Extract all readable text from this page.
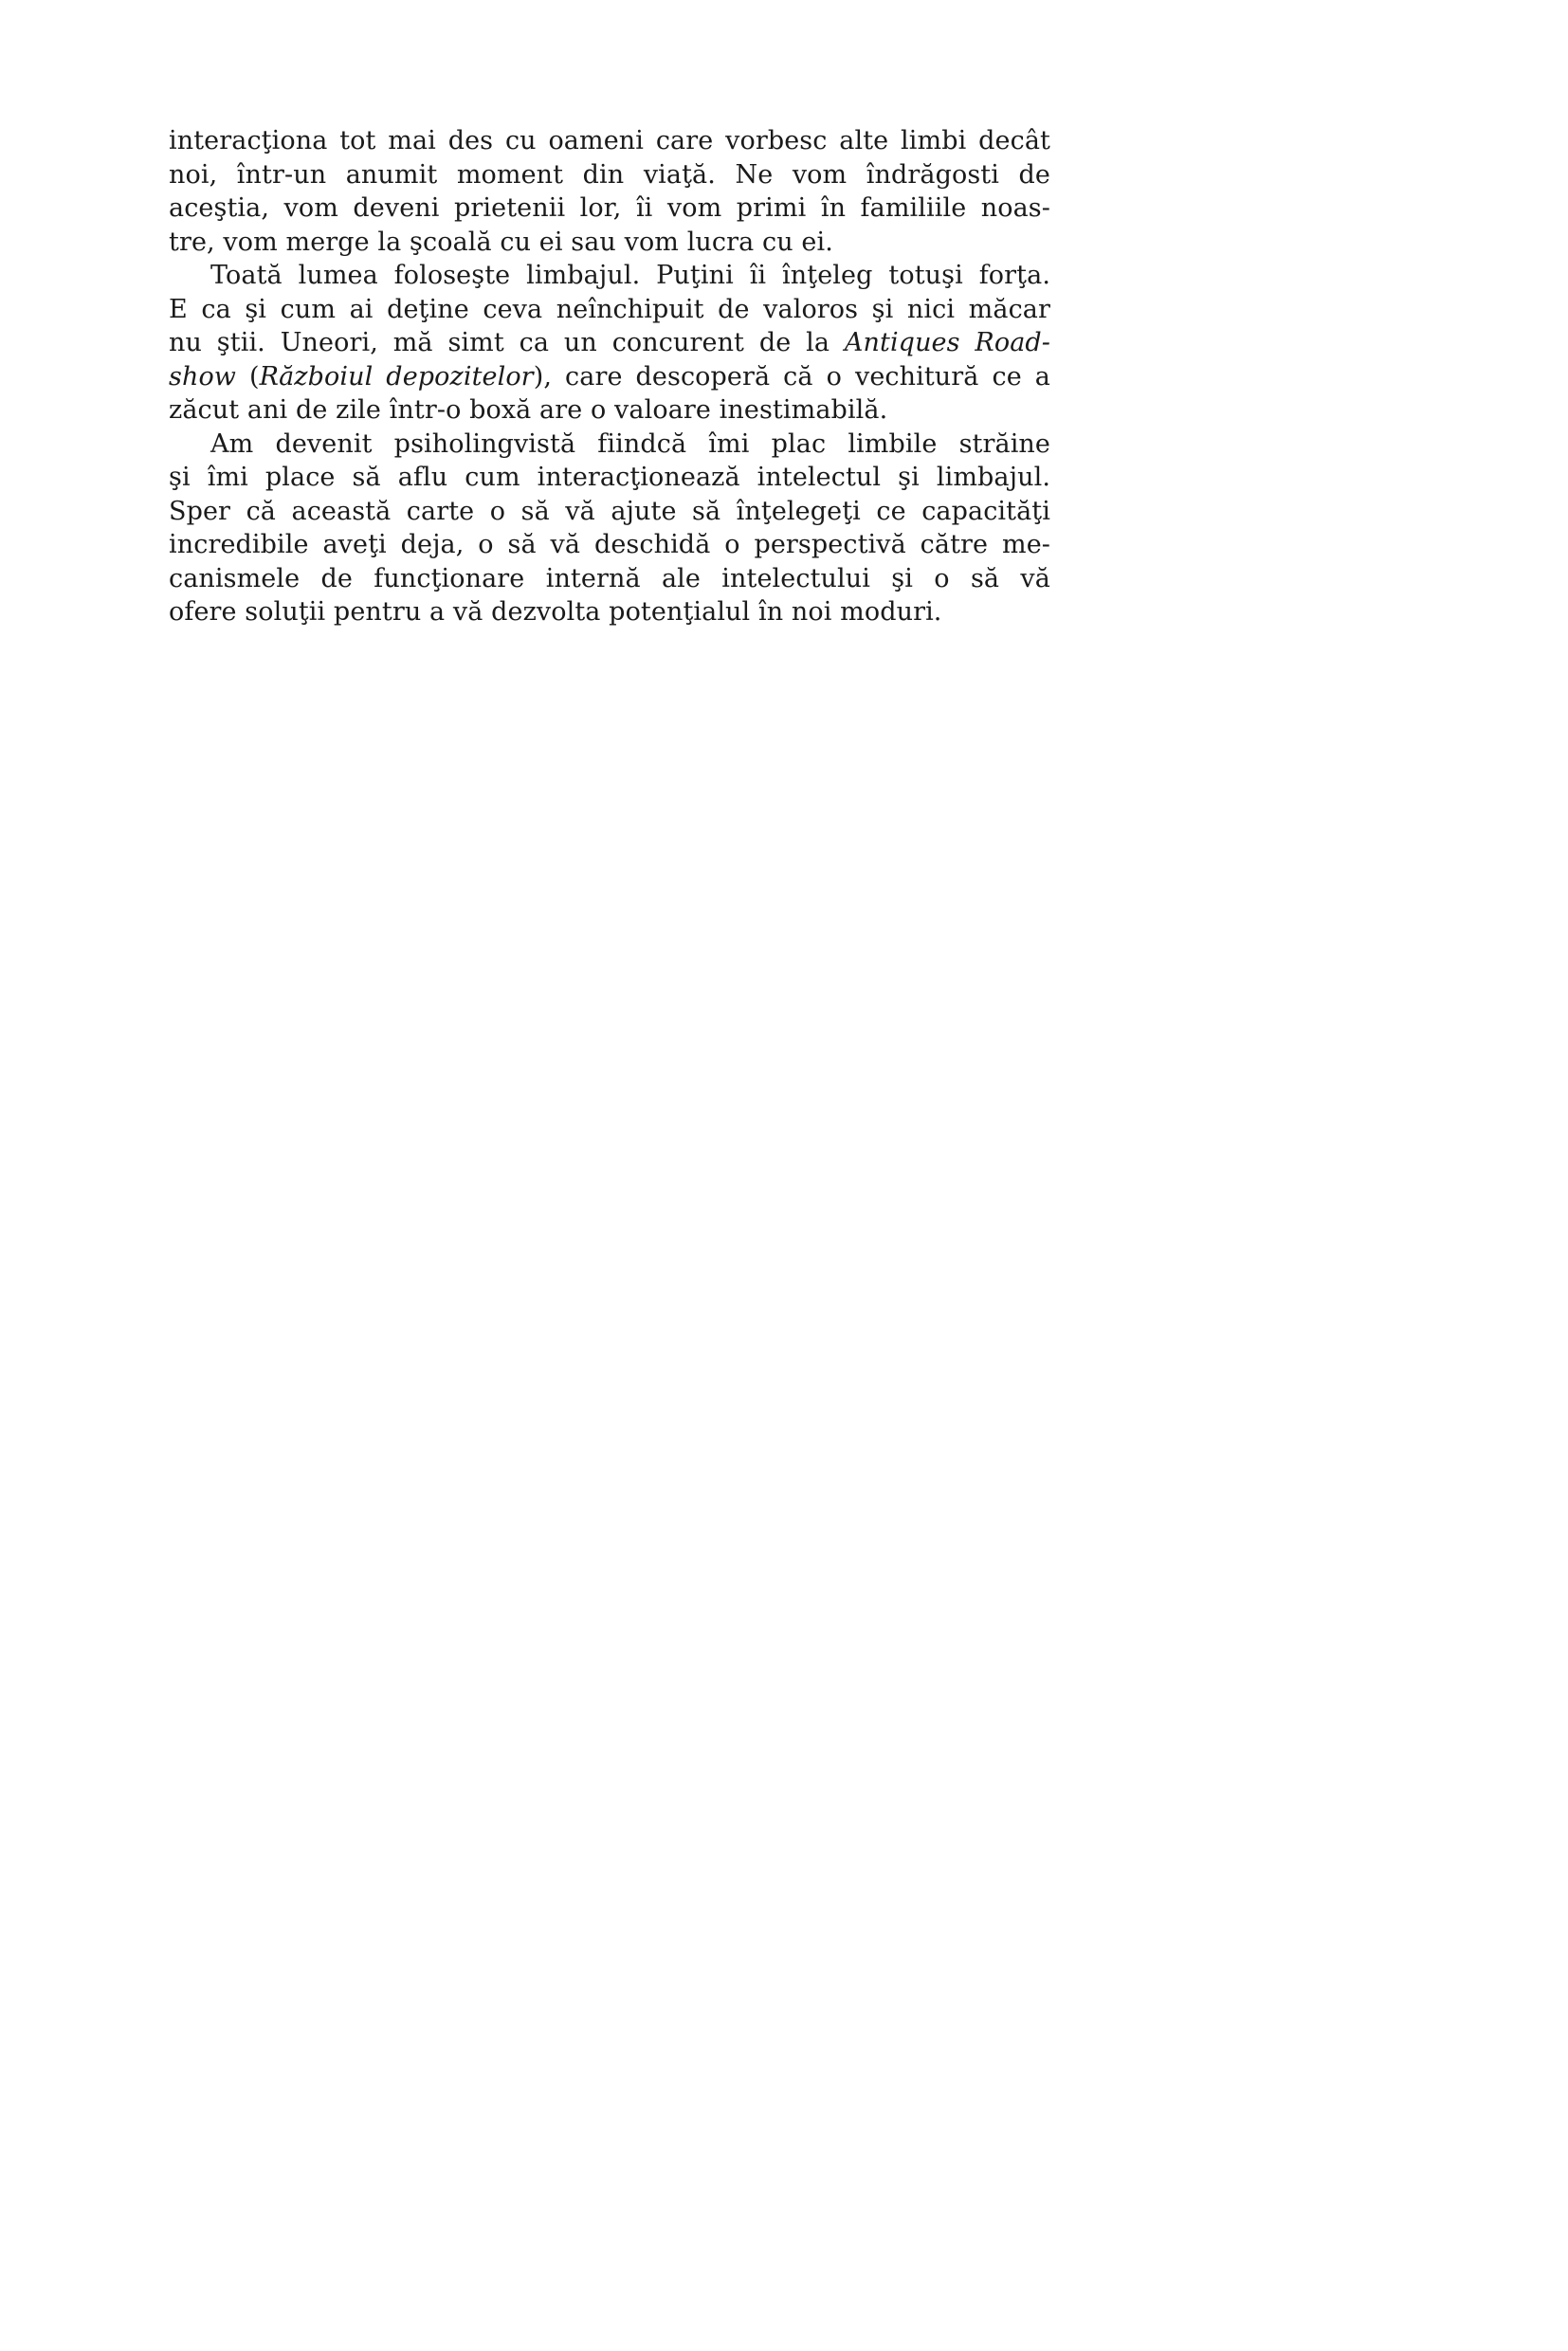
interacţiona tot mai des cu oameni care vorbesc alte limbi decât
noi, într-un anumit moment din viaţă. Ne vom îndrăgosti de
aceştia, vom deveni prietenii lor, îi vom primi în familiile noas-
tre, vom merge la şcoală cu ei sau vom lucra cu ei.
Toată lumea foloseşte limbajul. Puţini îi înţeleg totuşi forţa.
E ca şi cum ai deţine ceva neînchipuit de valoros şi nici măcar
nu ştii. Uneori, mă simt ca un concurent de la Antiques Road-
show (Războiul depozitelor), care descoperă că o vechitură ce a
zăcut ani de zile într-o boxă are o valoare inestimabilă.
Am devenit psiholingvistă fiindcă îmi plac limbile străine
şi îmi place să aflu cum interacţionează intelectul şi limbajul.
Sper că această carte o să vă ajute să înţelegeţi ce capacităţi
incredibile aveţi deja, o să vă deschidă o perspectivă către me-
canismele de funcţionare internă ale intelectului şi o să vă
ofere soluţii pentru a vă dezvolta potenţialul în noi moduri.
